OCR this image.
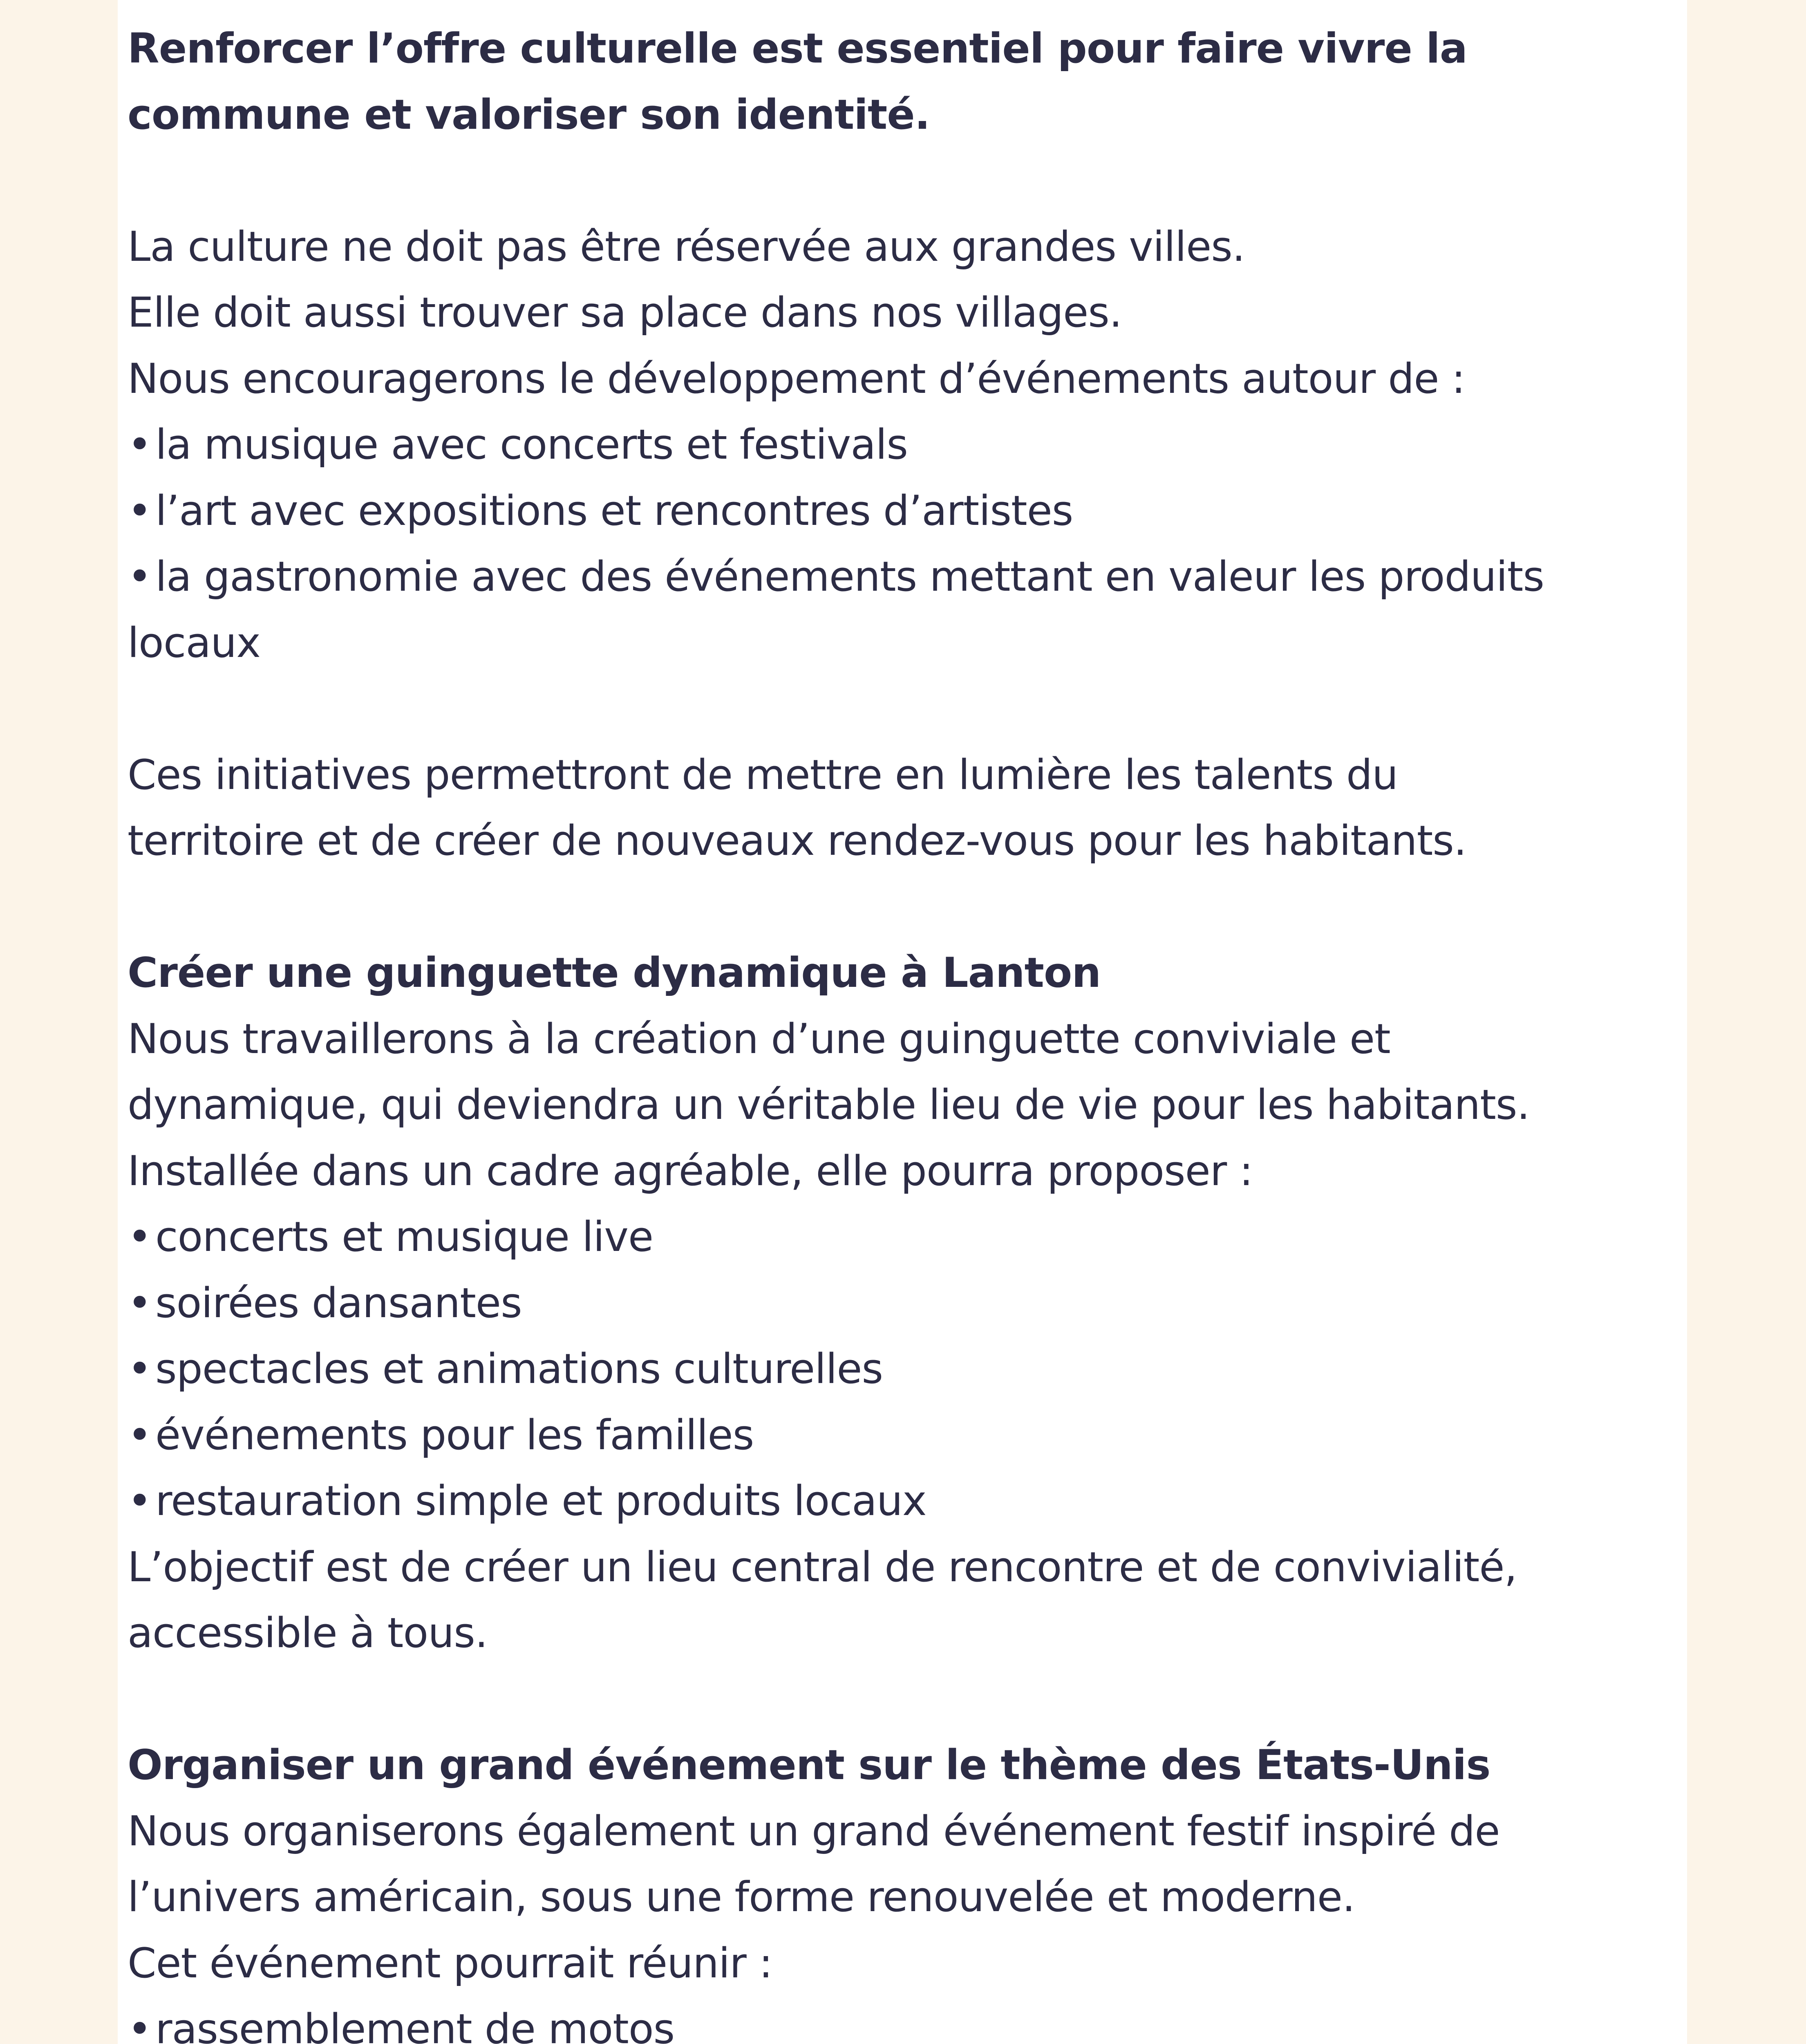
Renforcer l’offre culturelle est essentiel pour faire vivre la
commune et valoriser son identité.
La culture ne doit pas être réservée aux grandes villes.
Elle doit aussi trouver sa place dans nos villages.
Nous encouragerons le développement d’événements autour de :
•la musique avec concerts et festivals
•l’art avec expositions et rencontres d’artistes
•la gastronomie avec des événements mettant en valeur les produits
locaux
Ces initiatives permettront de mettre en lumière les talents du
territoire et de créer de nouveaux rendez-vous pour les habitants.
Créer une guinguette dynamique à Lanton
Nous travaillerons à la création d’une guinguette conviviale et
dynamique, qui deviendra un véritable lieu de vie pour les habitants.
Installée dans un cadre agréable, elle pourra proposer :
•concerts et musique live
•soirées dansantes
•spectacles et animations culturelles
•événements pour les familles
•restauration simple et produits locaux
L’objectif est de créer un lieu central de rencontre et de convivialité,
accessible à tous.
Organiser un grand événement sur le thème des États-Unis
Nous organiserons également un grand événement festif inspiré de
l’univers américain, sous une forme renouvelée et moderne.
Cet événement pourrait réunir :
•rassemblement de motos
